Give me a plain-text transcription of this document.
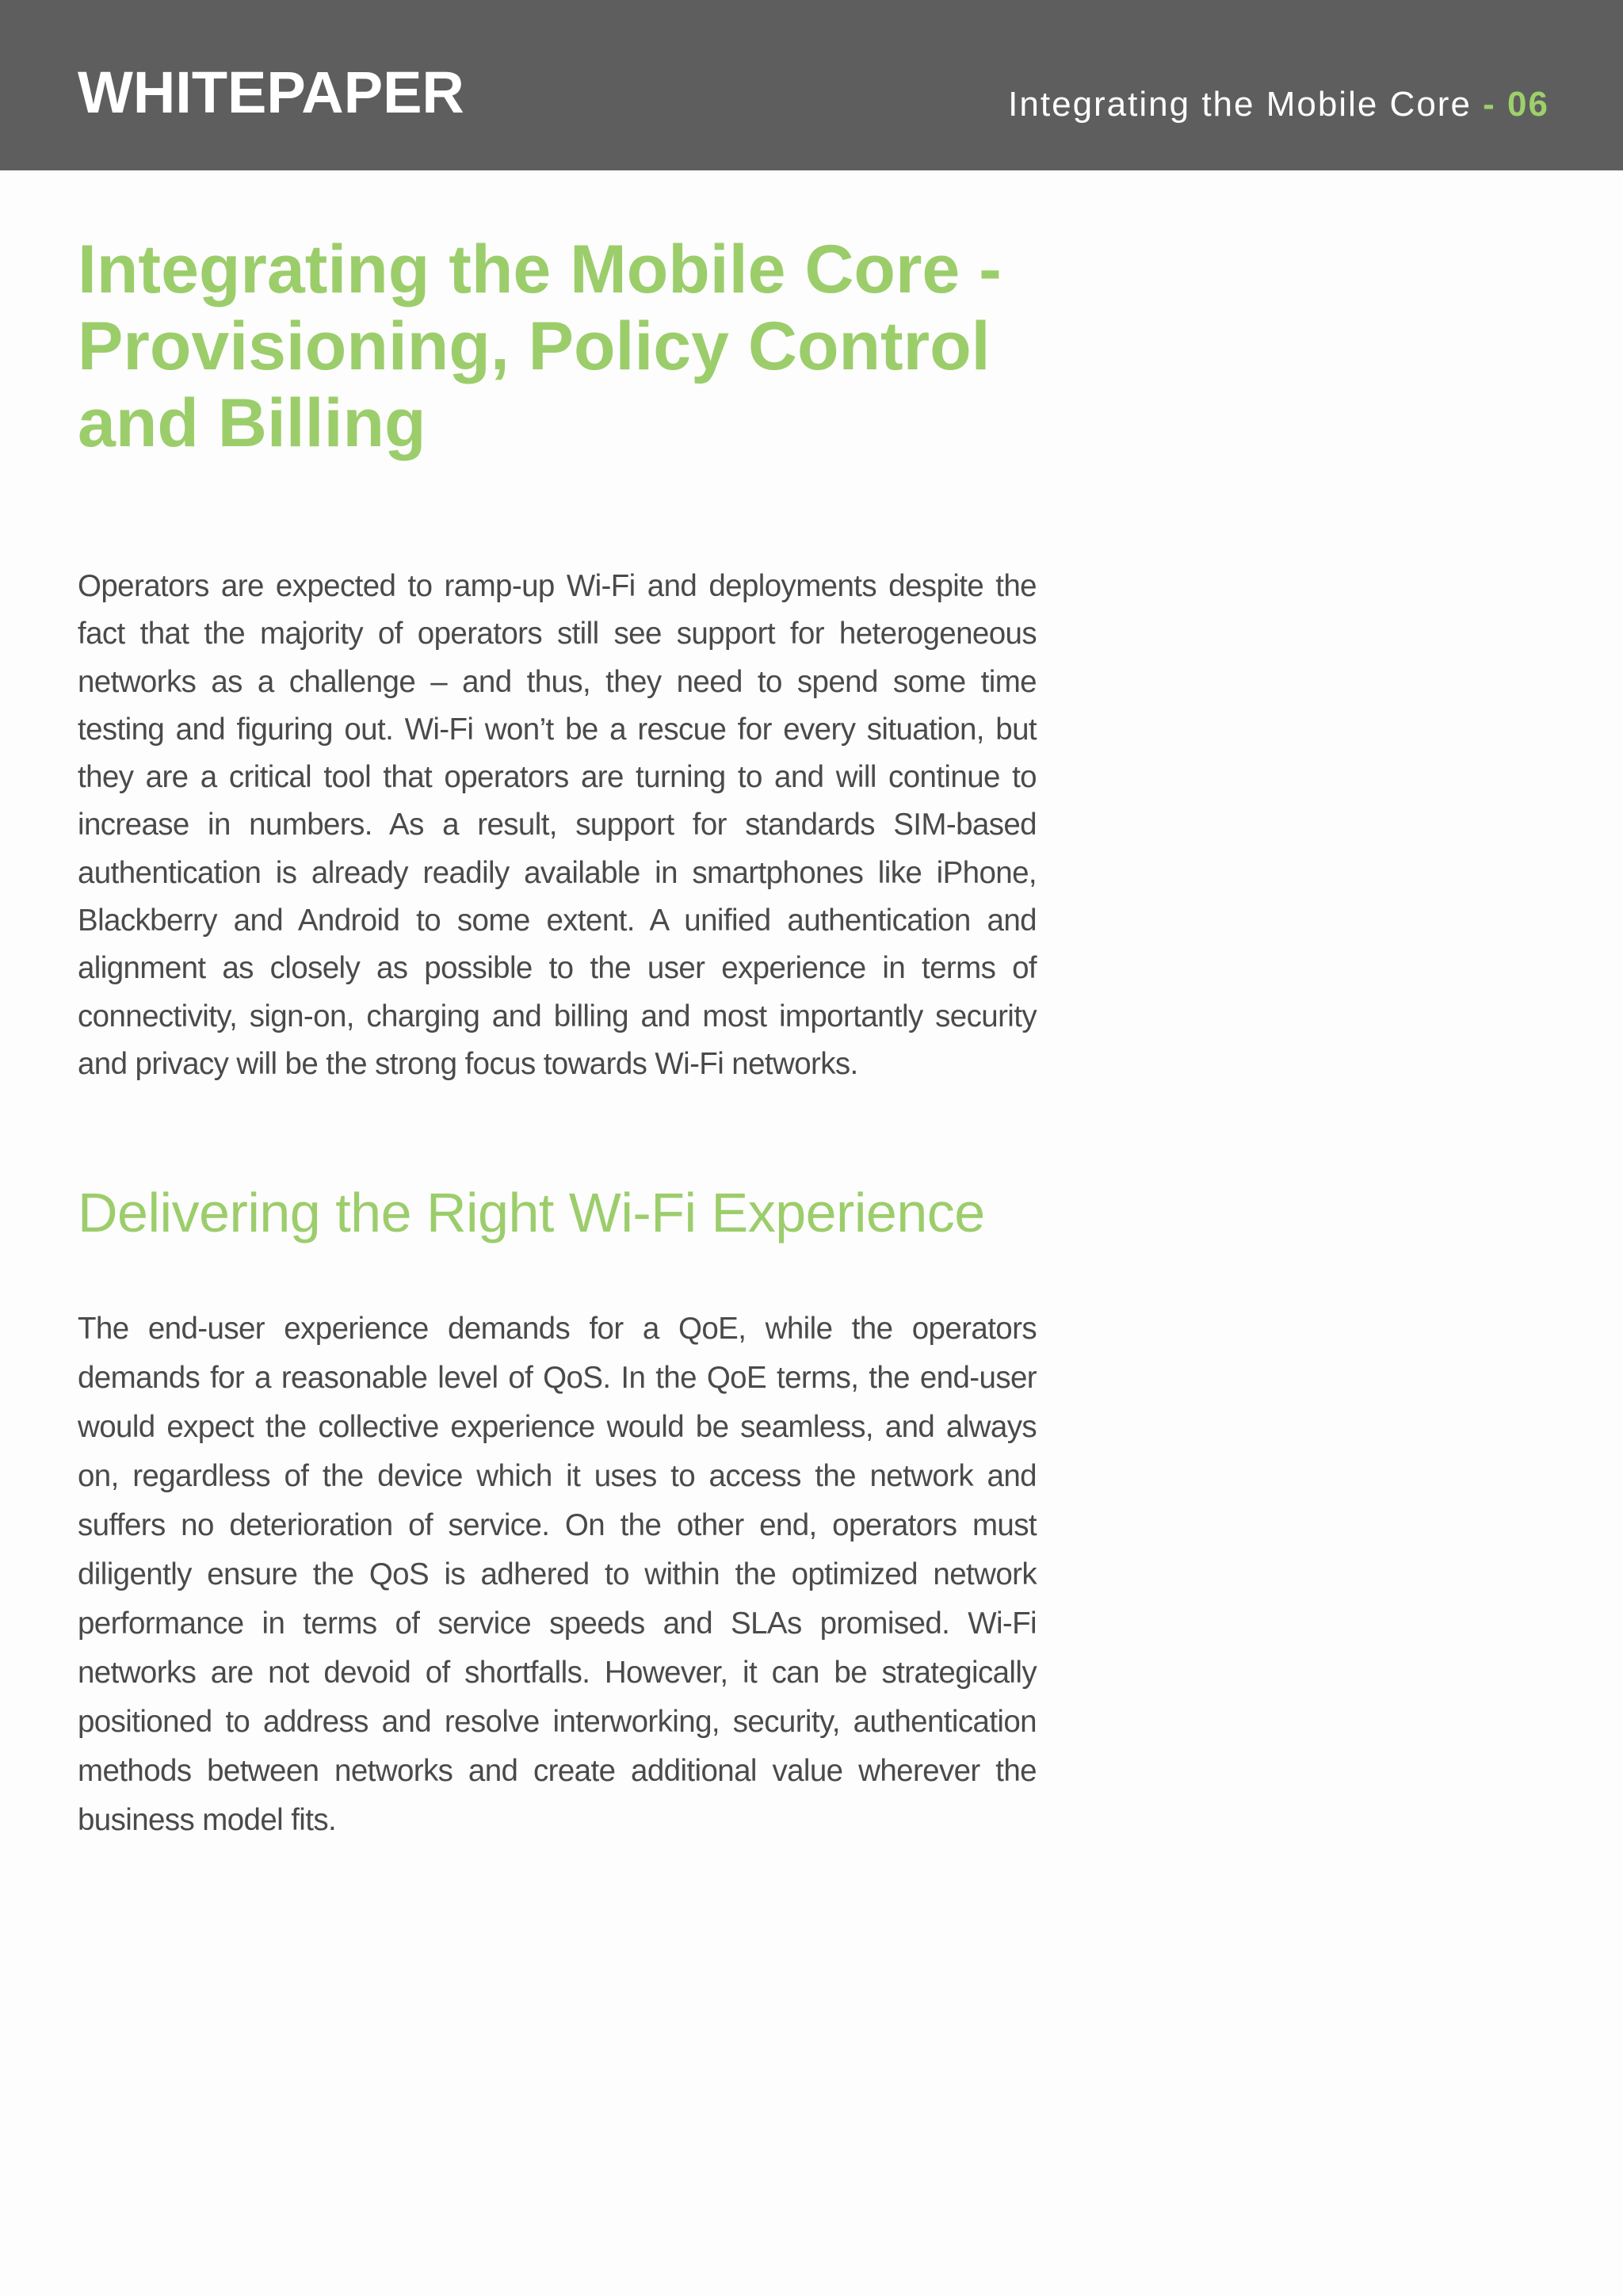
WHITEPAPER	Integrating the Mobile Core - 06
Integrating the Mobile Core -
Provisioning, Policy Control
and Billing

Operators are expected to ramp-up Wi-Fi and deployments despite the fact that the majority of operators still see support for heterogeneous networks as a challenge – and thus, they need to spend some time testing and figuring out. Wi-Fi won’t be a rescue for every situation, but they are a critical tool that operators are turning to and will continue to increase in numbers. As a result, support for standards SIM-based authentication is already readily available in smartphones like iPhone, Blackberry and Android to some extent. A unified authentication and alignment as closely as possible to the user experience in terms of connectivity, sign-on, charging and billing and most importantly security and privacy will be the strong focus towards Wi-Fi networks.

Delivering the Right Wi-Fi Experience

The end-user experience demands for a QoE, while the operators demands for a reasonable level of QoS. In the QoE terms, the end-user would expect the collective experience would be seamless, and always on, regardless of the device which it uses to access the network and suffers no deterioration of service. On the other end, operators must diligently ensure the QoS is adhered to within the optimized network performance in terms of service speeds and SLAs promised. Wi-Fi networks are not devoid of shortfalls. However, it can be strategically positioned to address and resolve interworking, security, authentication methods between networks and create additional value wherever the business model fits.
